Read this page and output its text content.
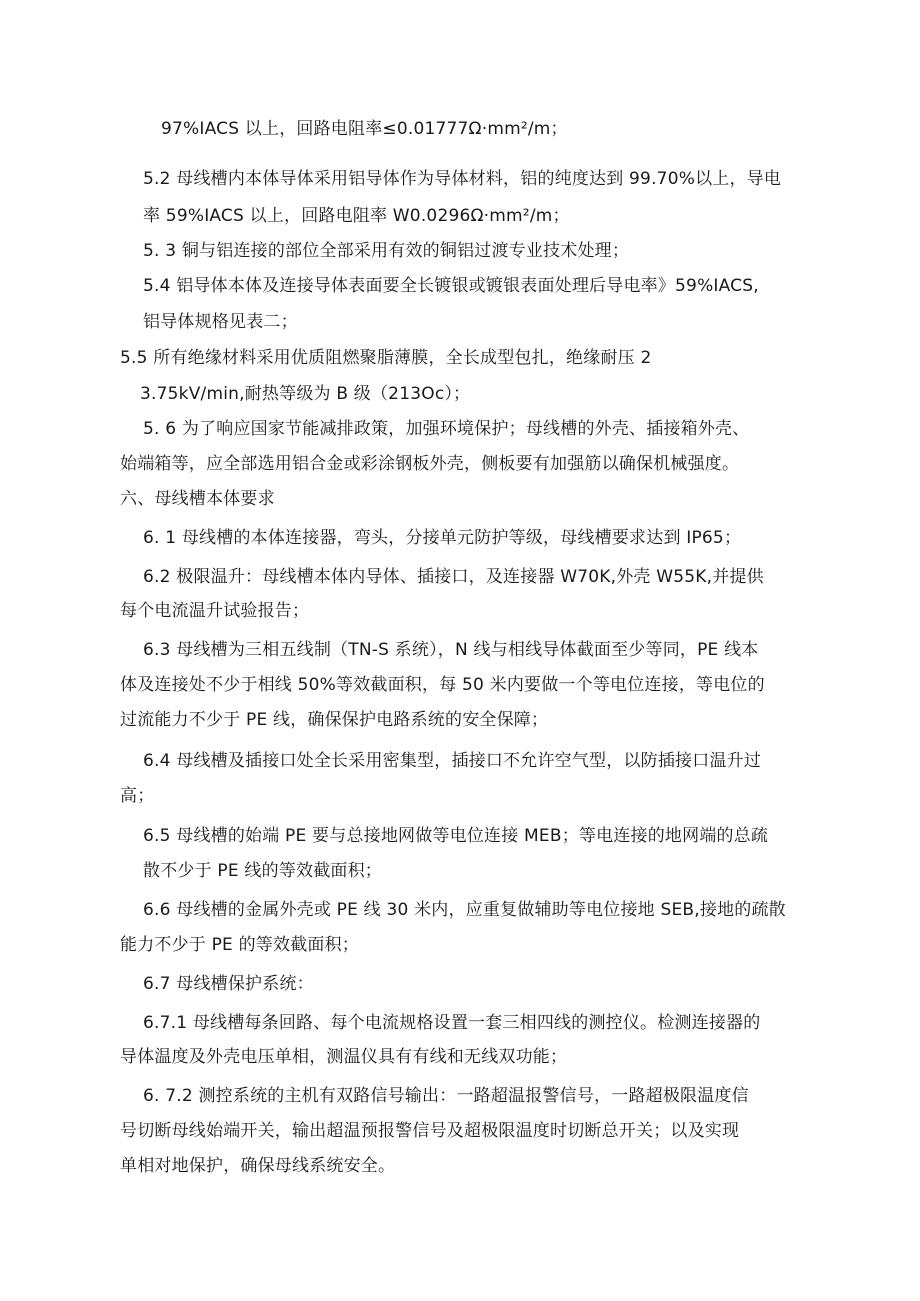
97%IACS 以上，回路电阻率≤0.01777Ω·mm²/m；
5.2 母线槽内本体导体采用铝导体作为导体材料，铝的纯度达到 99.70%以上，导电
率 59%IACS 以上，回路电阻率 W0.0296Ω·mm²/m；
5. 3 铜与铝连接的部位全部采用有效的铜铝过渡专业技术处理；
5.4 铝导体本体及连接导体表面要全长镀银或镀银表面处理后导电率》59%IACS,
铝导体规格见表二；
5.5 所有绝缘材料采用优质阻燃聚脂薄膜，全长成型包扎，绝缘耐压 2
3.75kV/min,耐热等级为 B 级（213Oc）；
5. 6 为了响应国家节能减排政策，加强环境保护；母线槽的外壳、插接箱外壳、
始端箱等，应全部选用铝合金或彩涂钢板外壳，侧板要有加强筋以确保机械强度。
六、母线槽本体要求
6. 1 母线槽的本体连接器，弯头，分接单元防护等级，母线槽要求达到 IP65；
6.2 极限温升：母线槽本体内导体、插接口，及连接器 W70K,外壳 W55K,并提供
每个电流温升试验报告；
6.3 母线槽为三相五线制（TN-S 系统），N 线与相线导体截面至少等同，PE 线本
体及连接处不少于相线 50%等效截面积，每 50 米内要做一个等电位连接，等电位的
过流能力不少于 PE 线，确保保护电路系统的安全保障；
6.4 母线槽及插接口处全长采用密集型，插接口不允许空气型，以防插接口温升过
高；
6.5 母线槽的始端 PE 要与总接地网做等电位连接 MEB；等电连接的地网端的总疏
散不少于 PE 线的等效截面积；
6.6 母线槽的金属外壳或 PE 线 30 米内，应重复做辅助等电位接地 SEB,接地的疏散
能力不少于 PE 的等效截面积；
6.7 母线槽保护系统：
6.7.1 母线槽每条回路、每个电流规格设置一套三相四线的测控仪。检测连接器的
导体温度及外壳电压单相，测温仪具有有线和无线双功能；
6. 7.2 测控系统的主机有双路信号输出：一路超温报警信号，一路超极限温度信
号切断母线始端开关，输出超温预报警信号及超极限温度时切断总开关；以及实现
单相对地保护，确保母线系统安全。
